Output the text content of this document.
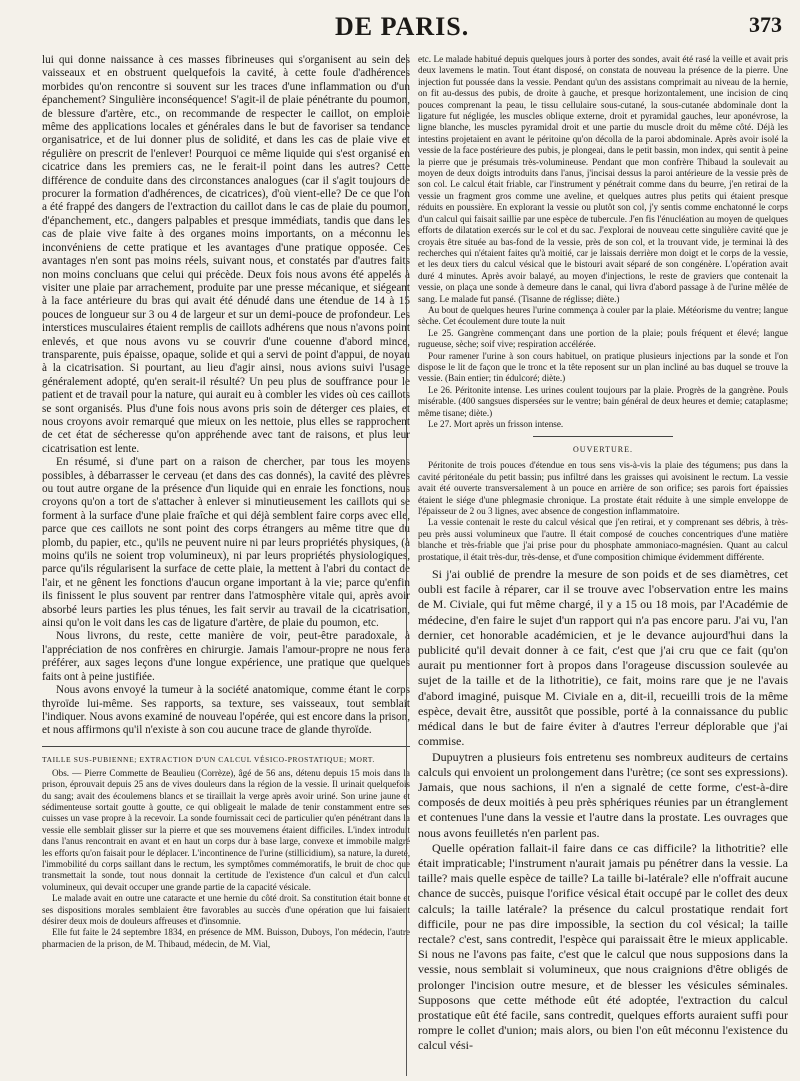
DE PARIS.	373

lui qui donne naissance à ces masses fibrineuses qui s'organisent au sein des vaisseaux et en obstruent quelquefois la cavité, à cette foule d'adhérences morbides qu'on rencontre si souvent sur les traces d'une inflammation ou d'un épanchement? Singulière inconséquence! S'agit-il de plaie pénétrante du poumon, de blessure d'artère, etc., on recommande de respecter le caillot, on emploie même des applications locales et générales dans le but de favoriser sa tendance organisatrice, et de lui donner plus de solidité, et dans les cas de plaie vive et régulière on prescrit de l'enlever! Pourquoi ce même liquide qui s'est organisé en cicatrice dans les premiers cas, ne le ferait-il point dans les autres? Cette différence de conduite dans des circonstances analogues (car il s'agit toujours de procurer la formation d'adhérences, de cicatrices), d'où vient-elle? De ce que l'on a été frappé des dangers de l'extraction du caillot dans le cas de plaie du poumon, d'épanchement, etc., dangers palpables et presque immédiats, tandis que dans les cas de plaie vive faite à des organes moins importants, on a méconnu les inconvéniens de cette pratique et les avantages d'une pratique opposée. Ces avantages n'en sont pas moins réels, suivant nous, et constatés par d'autres faits non moins concluans que celui qui précède. Deux fois nous avons été appelés à visiter une plaie par arrachement, produite par une presse mécanique, et siégeant à la face antérieure du bras qui avait été dénudé dans une étendue de 14 à 15 pouces de longueur sur 3 ou 4 de largeur et sur un demi-pouce de profondeur. Les interstices musculaires étaient remplis de caillots adhérens que nous n'avons point enlevés, et que nous avons vu se couvrir d'une couenne d'abord mince, transparente, puis épaisse, opaque, solide et qui a servi de point d'appui, de noyau à la cicatrisation. Si pourtant, au lieu d'agir ainsi, nous avions suivi l'usage généralement adopté, qu'en serait-il résulté? Un peu plus de souffrance pour le patient et de travail pour la nature, qui aurait eu à combler les vides où ces caillots se sont organisés. Plus d'une fois nous avons pris soin de déterger ces plaies, et nous croyons avoir remarqué que mieux on les nettoie, plus elles se rapprochent de cet état de sécheresse qu'on appréhende avec tant de raisons, et plus leur cicatrisation est lente.

En résumé, si d'une part on a raison de chercher, par tous les moyens possibles, à débarrasser le cerveau (et dans des cas donnés), la cavité des plèvres ou tout autre organe de la présence d'un liquide qui en enraie les fonctions, nous croyons qu'on a tort de s'attacher à enlever si minutieusement les caillots qui se forment à la surface d'une plaie fraîche et qui déjà semblent faire corps avec elle, parce que ces caillots ne sont point des corps étrangers au même titre que du plomb, du papier, etc., qu'ils ne peuvent nuire ni par leurs propriétés physiques, (à moins qu'ils ne soient trop volumineux), ni par leurs propriétés physiologiques, parce qu'ils régularisent la surface de cette plaie, la mettent à l'abri du contact de l'air, et ne gênent les fonctions d'aucun organe important à la vie; parce qu'enfin ils finissent le plus souvent par rentrer dans l'atmosphère vitale qui, après avoir absorbé leurs parties les plus ténues, les fait servir au travail de la cicatrisation, ainsi qu'on le voit dans les cas de ligature d'artère, de plaie du poumon, etc.

Nous livrons, du reste, cette manière de voir, peut-être paradoxale, à l'appréciation de nos confrères en chirurgie. Jamais l'amour-propre ne nous fera préférer, aux sages leçons d'une longue expérience, une pratique que quelques faits ont à peine justifiée.

Nous avons envoyé la tumeur à la société anatomique, comme étant le corps thyroïde lui-même. Ses rapports, sa texture, ses vaisseaux, tout semblait l'indiquer. Nous avons examiné de nouveau l'opérée, qui est encore dans la prison, et nous affirmons qu'il n'existe à son cou aucune trace de glande thyroïde.

TAILLE SUS-PUBIENNE; EXTRACTION D'UN CALCUL VÉSICO-PROSTATIQUE; MORT.

Obs. — Pierre Commette de Beaulieu (Corrèze), âgé de 56 ans, détenu depuis 15 mois dans la prison, éprouvait depuis 25 ans de vives douleurs dans la région de la vessie. Il urinait quelquefois du sang; avait des écoulemens blancs et se tiraillait la verge après avoir uriné. Son urine jaune et sédimenteuse sortait goutte à goutte, ce qui obligeait le malade de tenir constamment entre ses cuisses un vase propre à la recevoir. La sonde fournissait ceci de particulier qu'en pénétrant dans la vessie elle semblait glisser sur la pierre et que ses mouvemens étaient difficiles. L'index introduit dans l'anus rencontrait en avant et en haut un corps dur à base large, convexe et immobile malgré les efforts qu'on faisait pour le déplacer. L'incontinence de l'urine (stillicidium), sa nature, la dureté, l'immobilité du corps saillant dans le rectum, les symptômes commémoratifs, le bruit de choc que transmettait la sonde, tout nous donnait la certitude de l'existence d'un calcul et d'un calcul volumineux, qui devait occuper une grande partie de la capacité vésicale.

Le malade avait en outre une cataracte et une hernie du côté droit. Sa constitution était bonne et ses dispositions morales semblaient être favorables au succès d'une opération que lui faisaient désirer deux mois de douleurs affreuses et d'insomnie.

Elle fut faite le 24 septembre 1834, en présence de MM. Buisson, Duboys, l'on médecin, l'autre pharmacien de la prison, de M. Thibaud, médecin, de M. Vial,

etc. Le malade habitué depuis quelques jours à porter des sondes, avait été rasé la veille et avait pris deux lavemens le matin. Tout étant disposé, on constata de nouveau la présence de la pierre. Une injection fut poussée dans la vessie. Pendant qu'un des assistans comprimait au niveau de la hernie, on fit au-dessus des pubis, de droite à gauche, et presque horizontalement, une incision de cinq pouces comprenant la peau, le tissu cellulaire sous-cutané, la sous-cutanée abdominale dont la ligature fut négligée, les muscles oblique externe, droit et pyramidal gauches, leur aponévrose, la ligne blanche, les muscles pyramidal droit et une partie du muscle droit du même côté. Déjà les intestins projetaient en avant le péritoine qu'on décolla de la paroi abdominale. Après avoir isolé la vessie de la face postérieure des pubis, je plongeai, dans le petit bassin, mon index, qui sentit à peine la pierre que je présumais très-volumineuse. Pendant que mon confrère Thibaud la soulevait au moyen de deux doigts introduits dans l'anus, j'incisai dessus la paroi antérieure de la vessie près de son col. Le calcul était friable, car l'instrument y pénétrait comme dans du beurre, j'en retirai de la vessie un fragment gros comme une aveline, et quelques autres plus petits qui étaient presque réduits en poussière. En explorant la vessie ou plutôt son col, j'y sentis comme enchatonné le corps d'un calcul qui faisait saillie par une espèce de tubercule. J'en fis l'énucléation au moyen de quelques efforts de dilatation exercés sur le col et du sac. J'explorai de nouveau cette singulière cavité que je croyais être située au bas-fond de la vessie, près de son col, et la trouvant vide, je terminai là des recherches qui n'étaient faites qu'à moitié, car je laissais derrière mon doigt et le corps de la vessie, et les deux tiers du calcul vésical que le bistouri avait séparé de son congénère. L'opération avait duré 4 minutes. Après avoir balayé, au moyen d'injections, le reste de graviers que contenait la vessie, on plaça une sonde à demeure dans le canal, qui livra d'abord passage à de l'urine mêlée de sang. Le malade fut pansé. (Tisanne de réglisse; diète.)

Au bout de quelques heures l'urine commença à couler par la plaie. Météorisme du ventre; langue sèche. Cet écoulement dure toute la nuit

Le 25. Gangrène commençant dans une portion de la plaie; pouls fréquent et élevé; langue rugueuse, sèche; soif vive; respiration accélérée.

Pour ramener l'urine à son cours habituel, on pratique plusieurs injections par la sonde et l'on dispose le lit de façon que le tronc et la tête reposent sur un plan incliné au bas duquel se trouve la vessie. (Bain entier; tin édulcoré; diète.)

Le 26. Péritonite intense. Les urines coulent toujours par la plaie. Progrès de la gangrène. Pouls misérable. (400 sangsues dispersées sur le ventre; bain général de deux heures et demie; cataplasme; même tisane; diète.)

Le 27. Mort après un frisson intense.

OUVERTURE.

Péritonite de trois pouces d'étendue en tous sens vis-à-vis la plaie des tégumens; pus dans la cavité péritonéale du petit bassin; pus infiltré dans les graisses qui avoisinent le rectum. La vessie avait été ouverte transversalement à un pouce en arrière de son orifice; ses parois fort épaissies étaient le siége d'une phlegmasie chronique. La prostate était réduite à une simple enveloppe de l'épaisseur de 2 ou 3 lignes, avec absence de congestion inflammatoire.

La vessie contenait le reste du calcul vésical que j'en retirai, et y comprenant ses débris, à très-peu près aussi volumineux que l'autre. Il était composé de couches concentriques d'une matière blanche et très-friable que j'ai prise pour du phosphate ammoniaco-magnésien. Quant au calcul prostatique, il était très-dur, très-dense, et d'une composition chimique évidemment différente.

Si j'ai oublié de prendre la mesure de son poids et de ses diamètres, cet oubli est facile à réparer, car il se trouve avec l'observation entre les mains de M. Civiale, qui fut même chargé, il y a 15 ou 18 mois, par l'Académie de médecine, d'en faire le sujet d'un rapport qui n'a pas encore paru. J'ai vu, l'an dernier, cet honorable académicien, et je le devance aujourd'hui dans la publicité qu'il devait donner à ce fait, c'est que j'ai cru que ce fait (qu'on aurait pu mentionner fort à propos dans l'orageuse discussion soulevée au sujet de la taille et de la lithotritie), ce fait, moins rare que je ne l'avais d'abord imaginé, puisque M. Civiale en a, dit-il, recueilli trois de la même espèce, devait être, aussitôt que possible, porté à la connaissance du public médical dans le but de faire éviter à d'autres l'erreur déplorable que j'ai commise.

Dupuytren a plusieurs fois entretenu ses nombreux auditeurs de certains calculs qui envoient un prolongement dans l'urètre; (ce sont ses expressions). Jamais, que nous sachions, il n'en a signalé de cette forme, c'est-à-dire composés de deux moitiés à peu près sphériques réunies par un étranglement et contenues l'une dans la vessie et l'autre dans la prostate. Les ouvrages que nous avons feuilletés n'en parlent pas.

Quelle opération fallait-il faire dans ce cas difficile? la lithotritie? elle était impraticable; l'instrument n'aurait jamais pu pénétrer dans la vessie. La taille? mais quelle espèce de taille? La taille bi-latérale? elle n'offrait aucune chance de succès, puisque l'orifice vésical était occupé par le collet des deux calculs; la taille latérale? la présence du calcul prostatique rendait fort difficile, pour ne pas dire impossible, la section du col vésical; la taille rectale? c'est, sans contredit, l'espèce qui paraissait être le mieux applicable. Si nous ne l'avons pas faite, c'est que le calcul que nous supposions dans la vessie, nous semblait si volumineux, que nous craignions d'être obligés de prolonger l'incision outre mesure, et de blesser les vésicules séminales. Supposons que cette méthode eût été adoptée, l'extraction du calcul prostatique eût été facile, sans contredit, quelques efforts auraient suffi pour rompre le collet d'union; mais alors, ou bien l'on eût méconnu l'existence du calcul vési-
